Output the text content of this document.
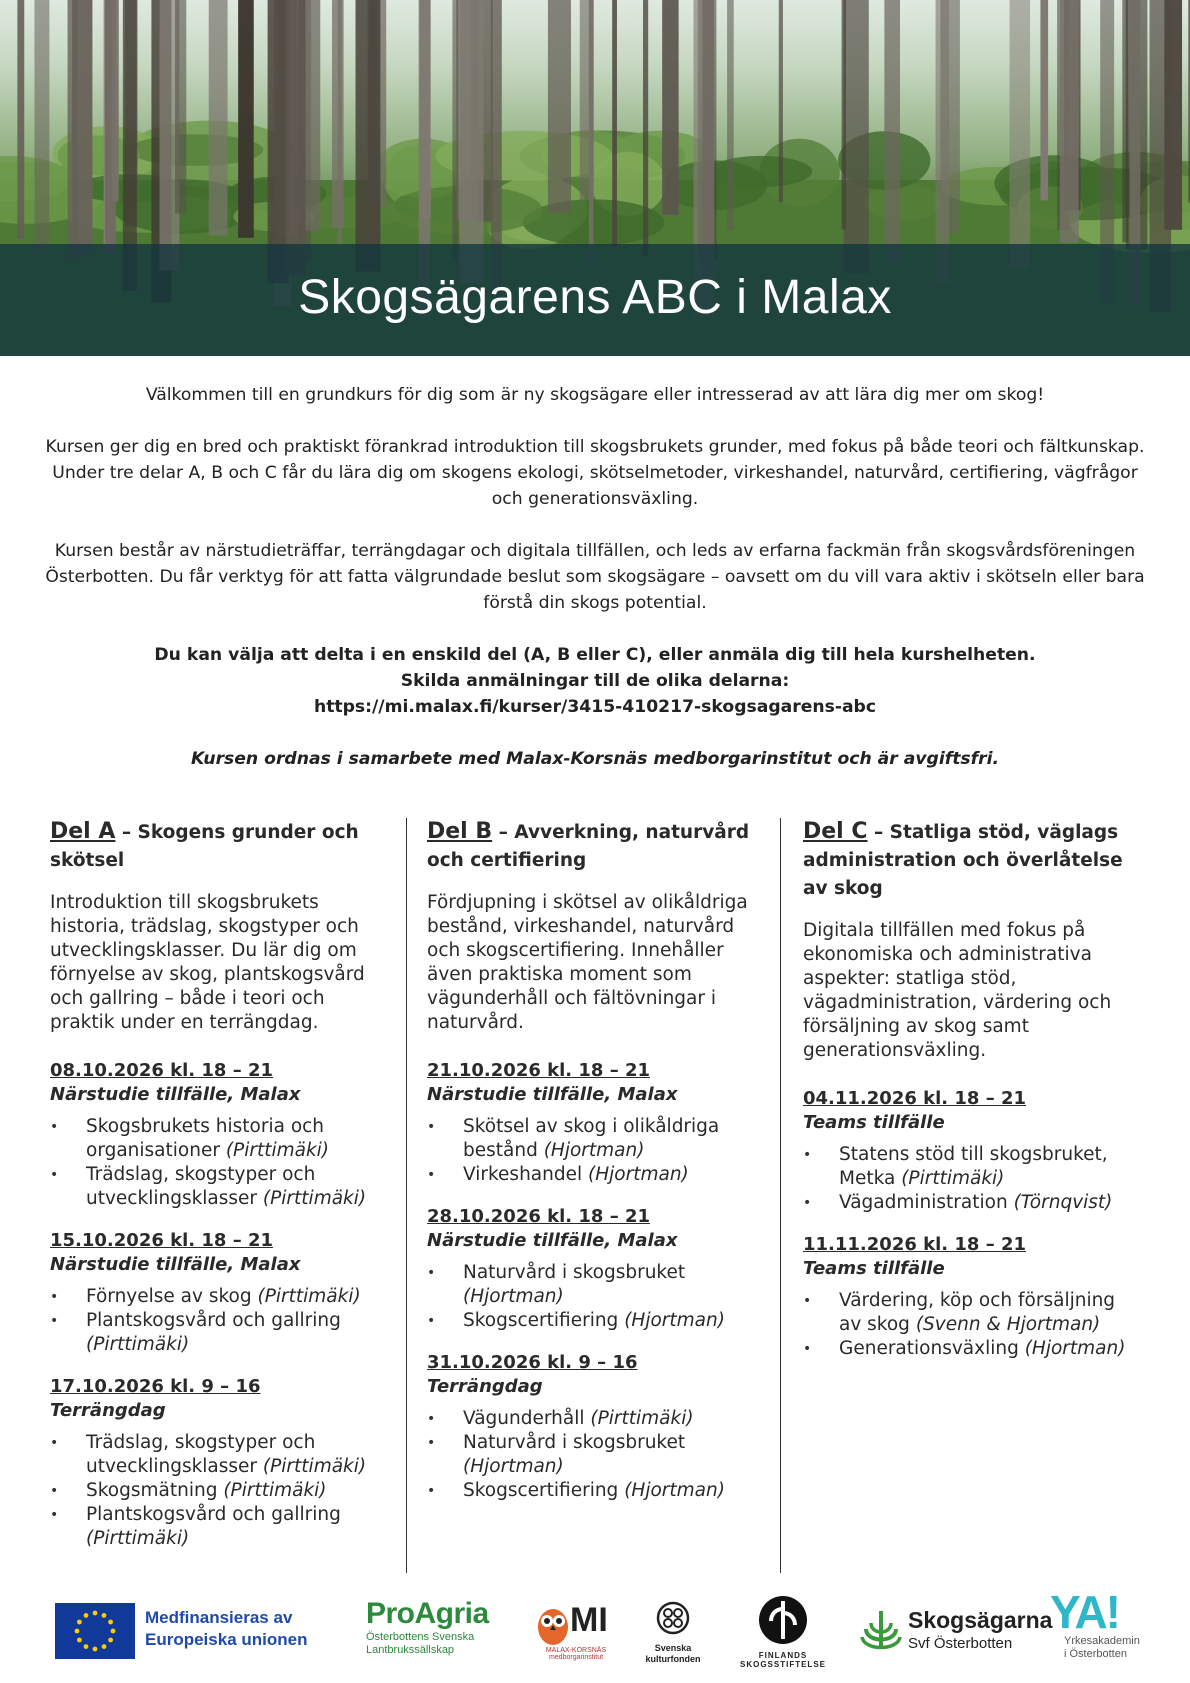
Skogsägarens ABC i Malax

Välkommen till en grundkurs för dig som är ny skogsägare eller intresserad av att lära dig mer om skog!

Kursen ger dig en bred och praktiskt förankrad introduktion till skogsbrukets grunder, med fokus på både teori och fältkunskap. Under tre delar A, B och C får du lära dig om skogens ekologi, skötselmetoder, virkeshandel, naturvård, certifiering, vägfrågor och generationsväxling.

Kursen består av närstudieträffar, terrängdagar och digitala tillfällen, och leds av erfarna fackmän från skogsvårdsföreningen Österbotten. Du får verktyg för att fatta välgrundade beslut som skogsägare – oavsett om du vill vara aktiv i skötseln eller bara förstå din skogs potential.

Du kan välja att delta i en enskild del (A, B eller C), eller anmäla dig till hela kurshelheten.

Skilda anmälningar till de olika delarna:

https://mi.malax.fi/kurser/3415-410217-skogsagarens-abc

Kursen ordnas i samarbete med Malax-Korsnäs medborgarinstitut och är avgiftsfri.

Del A – Skogens grunder och skötsel
Introduktion till skogsbrukets historia, trädslag, skogstyper och utvecklingsklasser. Du lär dig om förnyelse av skog, plantskogsvård och gallring – både i teori och praktik under en terrängdag.
08.10.2026 kl. 18 – 21
Närstudie tillfälle, Malax
• Skogsbrukets historia och organisationer (Pirttimäki)
• Trädslag, skogstyper och utvecklingsklasser (Pirttimäki)
15.10.2026 kl. 18 – 21
Närstudie tillfälle, Malax
• Förnyelse av skog (Pirttimäki)
• Plantskogsvård och gallring (Pirttimäki)
17.10.2026 kl. 9 – 16
Terrängdag
• Trädslag, skogstyper och utvecklingsklasser (Pirttimäki)
• Skogsmätning (Pirttimäki)
• Plantskogsvård och gallring (Pirttimäki)
Del B – Avverkning, naturvård och certifiering
Fördjupning i skötsel av olikåldriga bestånd, virkeshandel, naturvård och skogscertifiering. Innehåller även praktiska moment som vägunderhåll och fältövningar i naturvård.
21.10.2026 kl. 18 – 21
Närstudie tillfälle, Malax
• Skötsel av skog i olikåldriga bestånd (Hjortman)
• Virkeshandel (Hjortman)
28.10.2026 kl. 18 – 21
Närstudie tillfälle, Malax
• Naturvård i skogsbruket (Hjortman)
• Skogscertifiering (Hjortman)
31.10.2026 kl. 9 – 16
Terrängdag
• Vägunderhåll (Pirttimäki)
• Naturvård i skogsbruket (Hjortman)
• Skogscertifiering (Hjortman)
Del C – Statliga stöd, väglags administration och överlåtelse av skog
Digitala tillfällen med fokus på ekonomiska och administrativa aspekter: statliga stöd, vägadministration, värdering och försäljning av skog samt generationsväxling.
04.11.2026 kl. 18 – 21
Teams tillfälle
• Statens stöd till skogsbruket, Metka (Pirttimäki)
• Vägadministration (Törnqvist)
11.11.2026 kl. 18 – 21
Teams tillfälle
• Värdering, köp och försäljning av skog (Svenn & Hjortman)
• Generationsväxling (Hjortman)
Medfinansieras av
Europeiska unionen
ProAgria
Österbottens Svenska
Lantbrukssällskap
MI
MALAX-KORSNÄS medborgarinstitut
Svenska
kulturfonden	FINLANDS SKOGSSTIFTELSE
Skogsägarna
Svf Österbotten
YA!
Yrkesakademin
i Österbotten
